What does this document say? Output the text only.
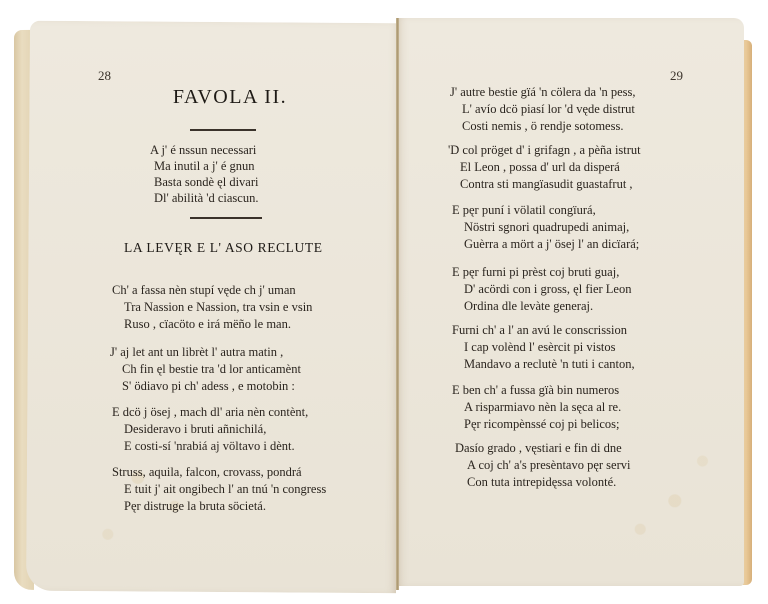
28
FAVOLA II.
A j' é nssun necessari
Ma inutil a j' é gnun
Basta sondè ęl divari
Dl' abilità 'd ciascun.
LA LEVĘR E L' ASO RECLUTE
Ch' a fassa nèn stupí vęde ch j' uman
Tra Nassion e Nassion, tra vsin e vsin
Ruso , cïacöto e irá mëño le man.
J' aj let ant un librèt l' autra matin ,
Ch fin ęl bestie tra 'd lor anticamènt
S' ödiavo pi ch' adess , e motobin :
E dcö j ösej , mach dl' aria nèn contènt,
Desideravo i bruti añnichilá,
E costi-sí 'nrabiá aj völtavo i dènt.
Struss, aquila, falcon, crovass, pondrá
E tuit j' ait ongibech l' an tnú 'n congress
Pęr distruge la bruta söcietá.
29
J' autre bestie gïá 'n cölera da 'n pess,
L' avío dcö piasí lor 'd vęde distrut
Costi nemis , ö rendje sotomess.
'D col pröget d' i grifagn , a pèña istrut
El Leon , possa d' url da disperá
Contra sti mangïasudit guastafrut ,
E pęr puní i völatil congïurá,
Nöstri sgnori quadrupedi animaj,
Guèrra a mört a j' ösej l' an dicïará;
E pęr furni pi prèst coj bruti guaj,
D' acördi con i gross, ęl fier Leon
Ordina dle levàte generaj.
Furni ch' a l' an avú le conscrission
I cap volènd l' esèrcit pi vistos
Mandavo a reclutè 'n tuti i canton,
E ben ch' a fussa gïà bin numeros
A risparmiavo nèn la sęca al re.
Pęr ricompènssé coj pi belicos;
Dasío grado , vęstiari e fin di dne
A coj ch' a's presèntavo pęr servi
Con tuta intrepidęssa volonté.
